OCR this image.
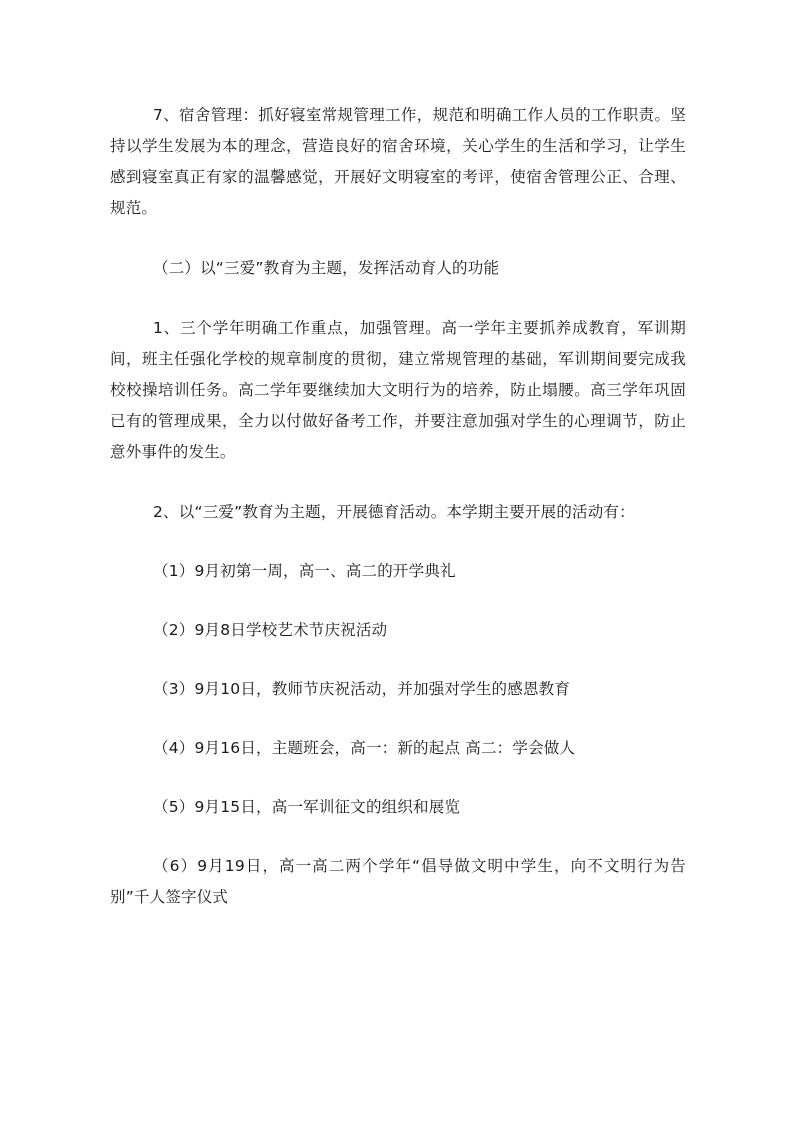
7、宿舍管理：抓好寝室常规管理工作，规范和明确工作人员的工作职责。坚持以学生发展为本的理念，营造良好的宿舍环境，关心学生的生活和学习，让学生感到寝室真正有家的温馨感觉，开展好文明寝室的考评，使宿舍管理公正、合理、规范。

（二）以“三爱”教育为主题，发挥活动育人的功能

1、三个学年明确工作重点，加强管理。高一学年主要抓养成教育，军训期间，班主任强化学校的规章制度的贯彻，建立常规管理的基础，军训期间要完成我校校操培训任务。高二学年要继续加大文明行为的培养，防止塌腰。高三学年巩固已有的管理成果，全力以付做好备考工作，并要注意加强对学生的心理调节，防止意外事件的发生。

2、以“三爱”教育为主题，开展德育活动。本学期主要开展的活动有：

（1）9月初第一周，高一、高二的开学典礼

（2）9月8日学校艺术节庆祝活动

（3）9月10日，教师节庆祝活动，并加强对学生的感恩教育

（4）9月16日，主题班会，高一：新的起点 高二：学会做人

（5）9月15日，高一军训征文的组织和展览

（6）9月19日，高一高二两个学年“倡导做文明中学生，向不文明行为告别”千人签字仪式
